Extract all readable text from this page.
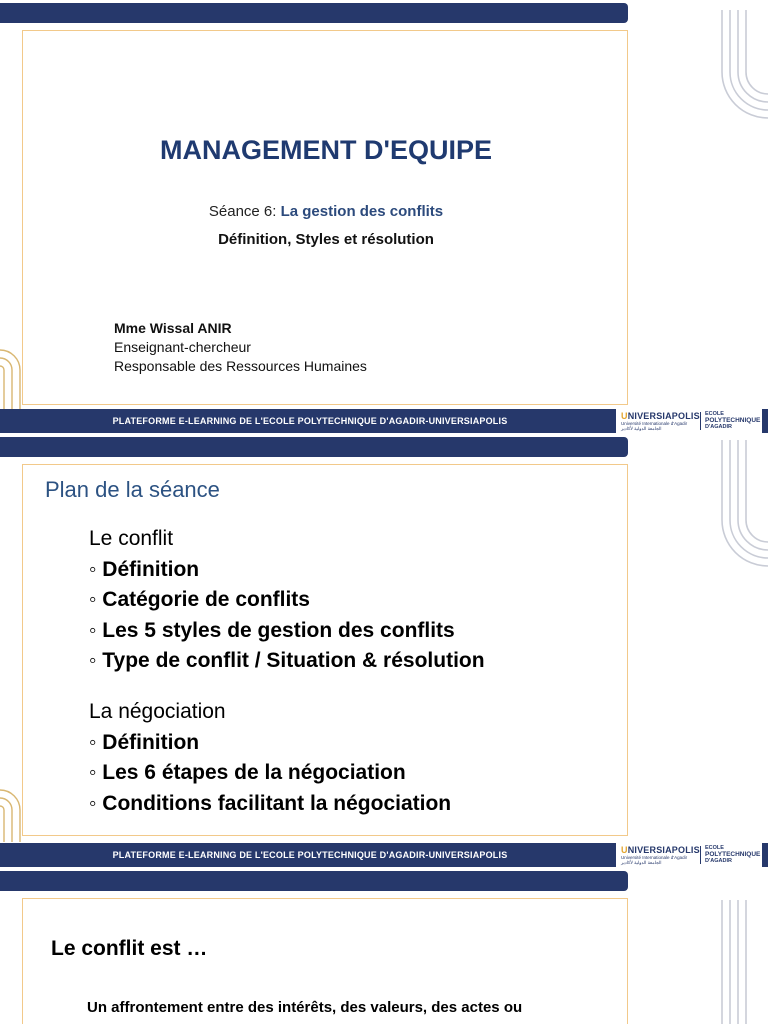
MANAGEMENT D'EQUIPE
Séance 6: La gestion des conflits
Définition, Styles et résolution
Mme Wissal ANIR
Enseignant-chercheur
Responsable des Ressources Humaines
PLATEFORME E-LEARNING DE L'ECOLE POLYTECHNIQUE D'AGADIR-UNIVERSIAPOLIS	UNIVERSIAPOLIS
Université Internationale d'Agadir
الجامعة الدولية لأكادير
ECOLE
POLYTECHNIQUE
D'AGADIR
Plan de la séance
Le conflit
◦ Définition
◦ Catégorie de conflits
◦ Les 5 styles de gestion des conflits
◦ Type de conflit / Situation & résolution
La négociation
◦ Définition
◦ Les 6 étapes de la négociation
◦ Conditions facilitant la négociation
PLATEFORME E-LEARNING DE L'ECOLE POLYTECHNIQUE D'AGADIR-UNIVERSIAPOLIS	UNIVERSIAPOLIS
Université Internationale d'Agadir
الجامعة الدولية لأكادير
ECOLE
POLYTECHNIQUE
D'AGADIR
Le conflit est …
Un affrontement entre des intérêts, des valeurs, des actes ou
